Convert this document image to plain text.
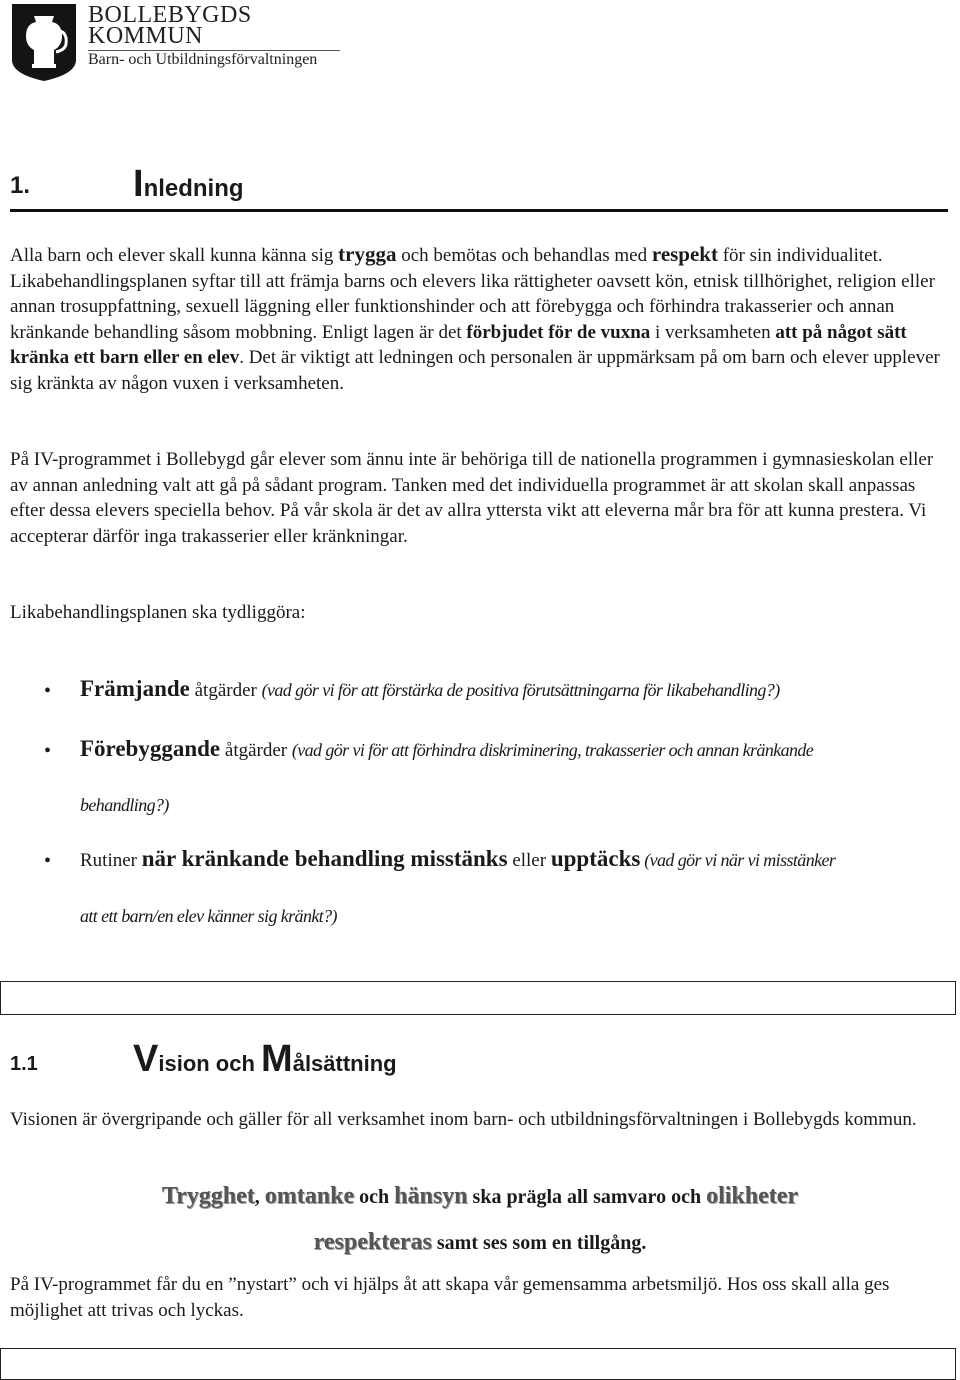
BOLLEBYGDS
KOMMUN
Barn- och Utbildningsförvaltningen
1.	Inledning

Alla barn och elever skall kunna känna sig trygga och bemötas och behandlas med respekt för sin individualitet. Likabehandlingsplanen syftar till att främja barns och elevers lika rättigheter oavsett kön, etnisk tillhörighet, religion eller annan trosuppfattning, sexuell läggning eller funktionshinder och att förebygga och förhindra trakasserier och annan kränkande behandling såsom mobbning. Enligt lagen är det förbjudet för de vuxna i verksamheten att på något sätt kränka ett barn eller en elev. Det är viktigt att ledningen och personalen är uppmärksam på om barn och elever upplever sig kränkta av någon vuxen i verksamheten.

På IV-programmet i Bollebygd går elever som ännu inte är behöriga till de nationella programmen i gymnasieskolan eller av annan anledning valt att gå på sådant program. Tanken med det individuella programmet är att skolan skall anpassas efter dessa elevers speciella behov. På vår skola är det av allra yttersta vikt att eleverna mår bra för att kunna prestera. Vi accepterar därför inga trakasserier eller kränkningar.

Likabehandlingsplanen ska tydliggöra:

• Främjande åtgärder (vad gör vi för att förstärka de positiva förutsättningarna för likabehandling?)
• Förebyggande åtgärder (vad gör vi för att förhindra diskriminering, trakasserier och annan kränkande
behandling?)
• Rutiner när kränkande behandling misstänks eller upptäcks (vad gör vi när vi misstänker
att ett barn/en elev känner sig kränkt?)
1.1	Vision och Målsättning

Visionen är övergripande och gäller för all verksamhet inom barn- och utbildningsförvaltningen i Bollebygds kommun.

Trygghet, omtanke och hänsyn ska prägla all samvaro och olikheter
respekteras samt ses som en tillgång.

På IV-programmet får du en ”nystart” och vi hjälps åt att skapa vår gemensamma arbetsmiljö. Hos oss skall alla ges möjlighet att trivas och lyckas.
